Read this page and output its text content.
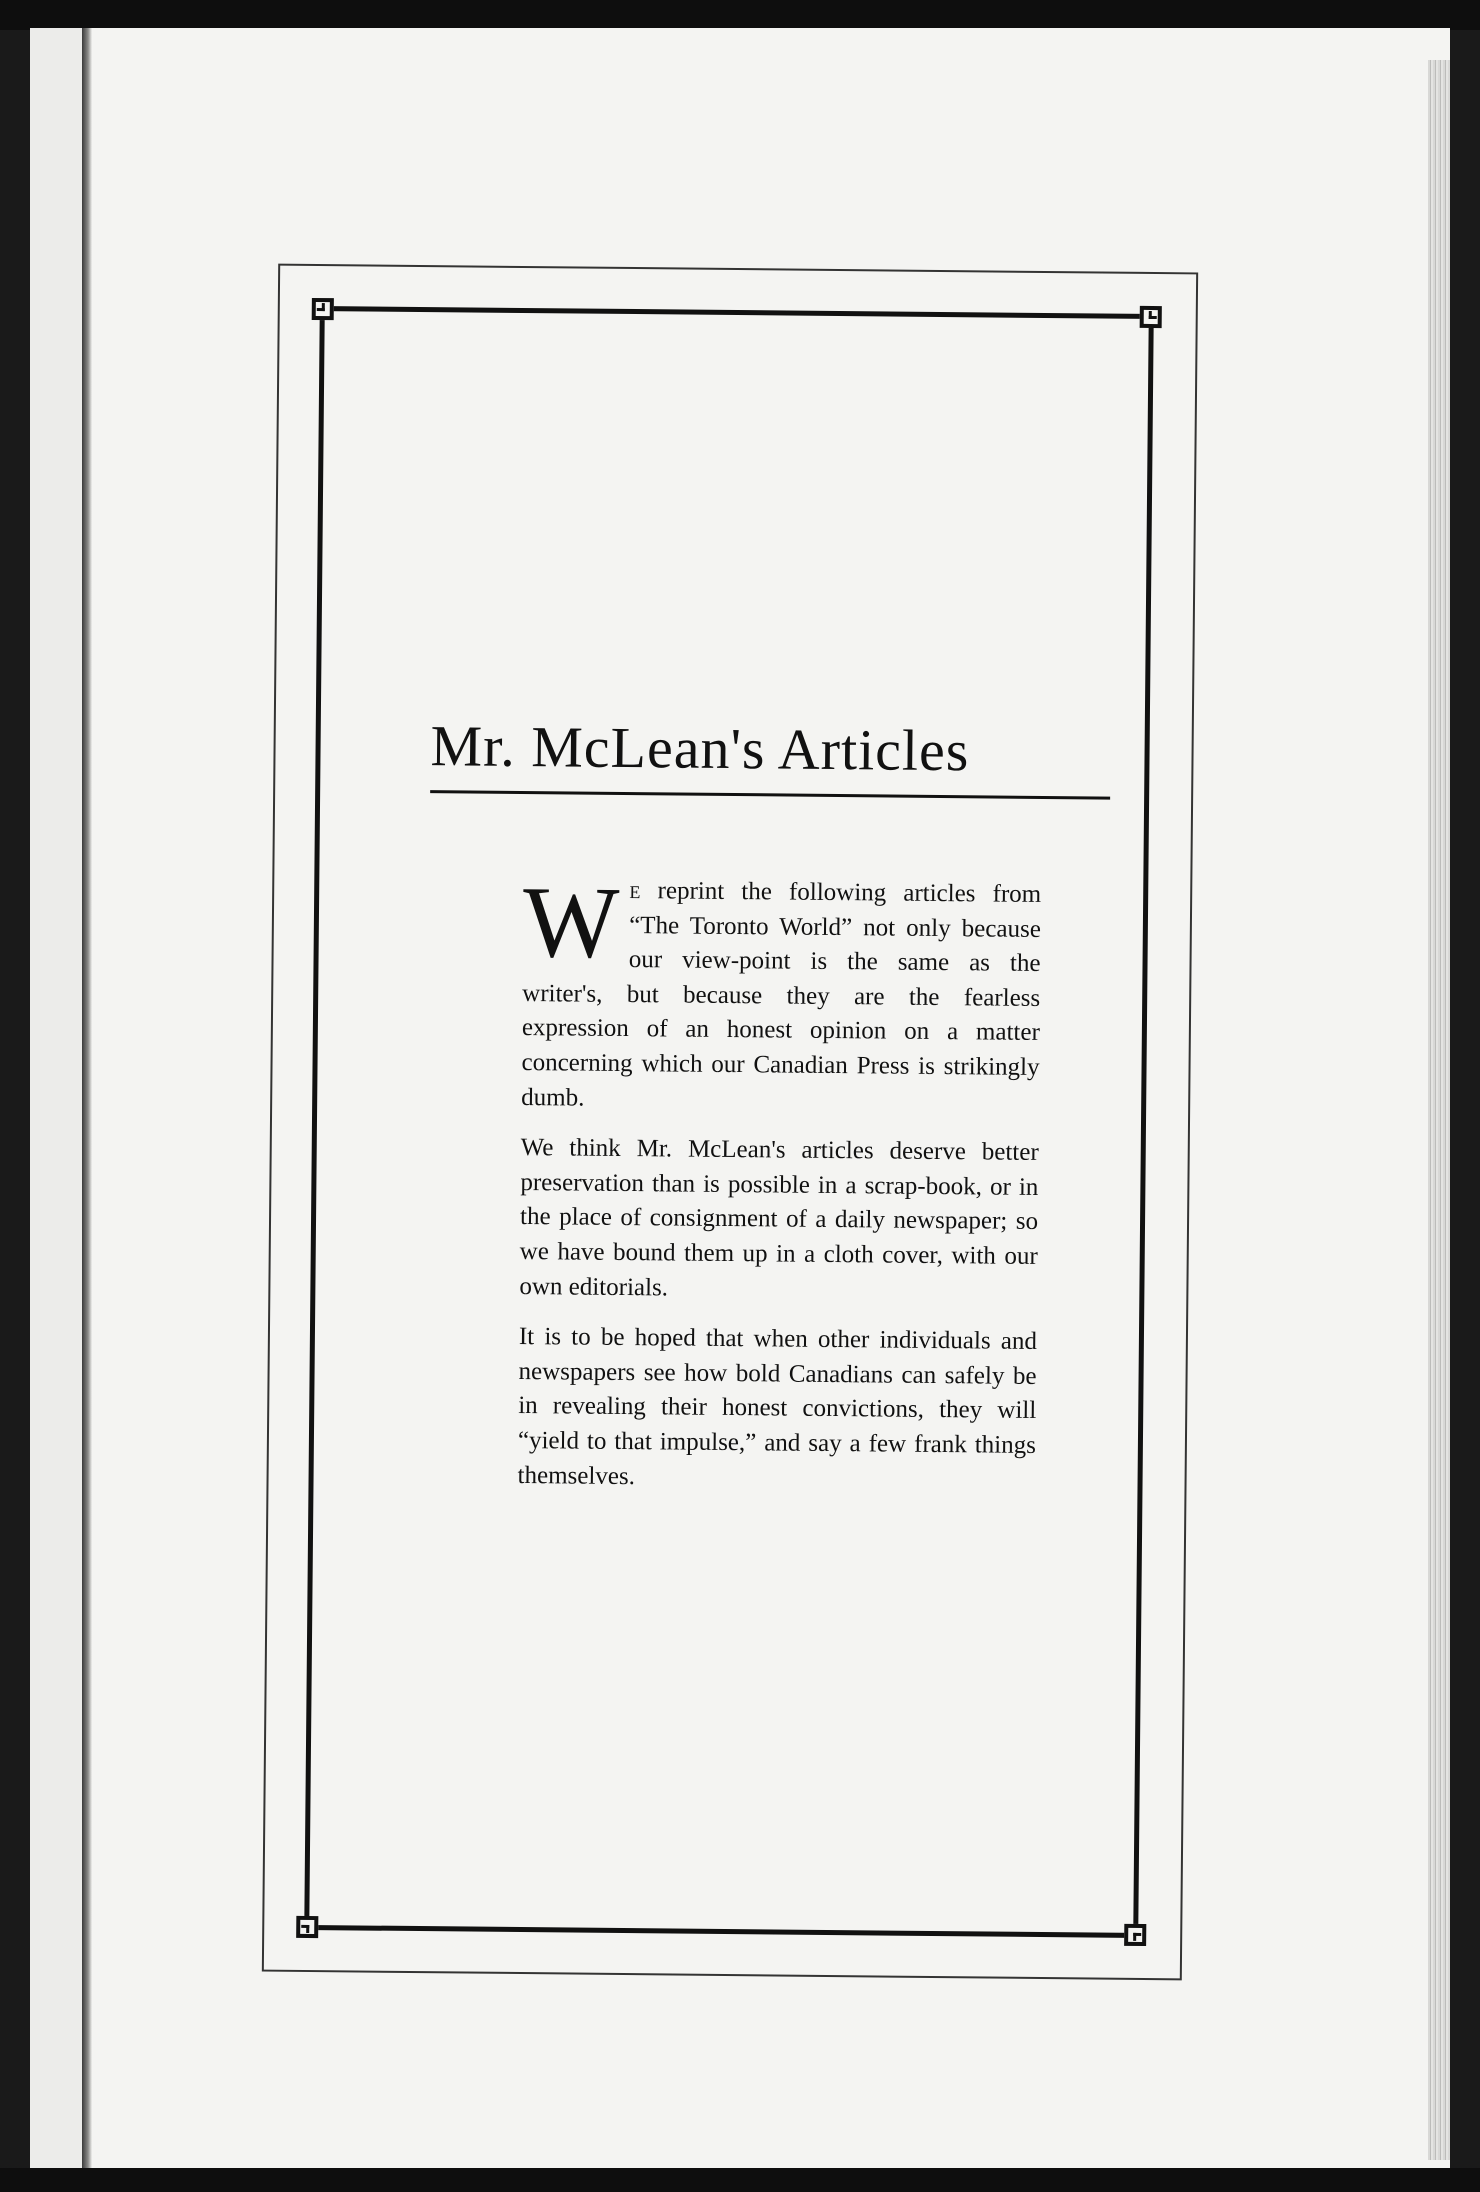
Mr. McLean's Articles

W e reprint the following articles from “The Toronto World” not only because our view-point is the same as the writer's, but because they are the fearless expression of an honest opinion on a matter concerning which our Canadian Press is strikingly dumb.

We think Mr. McLean's articles deserve better preservation than is possible in a scrap-book, or in the place of consignment of a daily newspaper; so we have bound them up in a cloth cover, with our own editorials.

It is to be hoped that when other individuals and newspapers see how bold Canadians can safely be in revealing their honest convictions, they will “yield to that impulse,” and say a few frank things themselves.
